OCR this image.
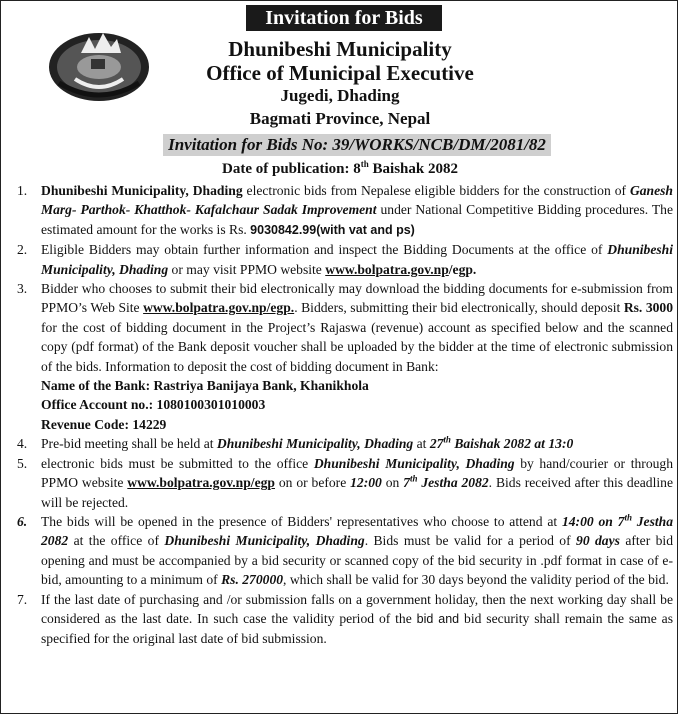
Invitation for Bids
Dhunibeshi Municipality
Office of Municipal Executive
Jugedi, Dhading
Bagmati Province, Nepal
Invitation for Bids No: 39/WORKS/NCB/DM/2081/82
Date of publication: 8th Baishak 2082
1.	Dhunibeshi Municipality, Dhading electronic bids from Nepalese eligible bidders for the construction of Ganesh Marg- Parthok- Khatthok- Kafalchaur Sadak Improvement under National Competitive Bidding procedures. The estimated amount for the works is Rs. 9030842.99(with vat and ps)
2.	Eligible Bidders may obtain further information and inspect the Bidding Documents at the office of Dhunibeshi Municipality, Dhading or may visit PPMO website www.bolpatra.gov.np/egp.
3.	Bidder who chooses to submit their bid electronically may download the bidding documents for e-submission from PPMO’s Web Site www.bolpatra.gov.np/egp.. Bidders, submitting their bid electronically, should deposit Rs. 3000 for the cost of bidding document in the Project’s Rajaswa (revenue) account as specified below and the scanned copy (pdf format) of the Bank deposit voucher shall be uploaded by the bidder at the time of electronic submission of the bids. Information to deposit the cost of bidding document in Bank:
Name of the Bank: Rastriya Banijaya Bank, Khanikhola
Office Account no.: 1080100301010003
Revenue Code: 14229
4.	Pre-bid meeting shall be held at Dhunibeshi Municipality, Dhading at 27th Baishak 2082 at 13:0
5.	electronic bids must be submitted to the office Dhunibeshi Municipality, Dhading by hand/courier or through PPMO website www.bolpatra.gov.np/egp on or before 12:00 on 7th Jestha 2082. Bids received after this deadline will be rejected.
6.	The bids will be opened in the presence of Bidders' representatives who choose to attend at 14:00 on 7th Jestha 2082 at the office of Dhunibeshi Municipality, Dhading. Bids must be valid for a period of 90 days after bid opening and must be accompanied by a bid security or scanned copy of the bid security in .pdf format in case of e-bid, amounting to a minimum of Rs. 270000, which shall be valid for 30 days beyond the validity period of the bid.
7.	If the last date of purchasing and /or submission falls on a government holiday, then the next working day shall be considered as the last date. In such case the validity period of the bid and bid security shall remain the same as specified for the original last date of bid submission.
